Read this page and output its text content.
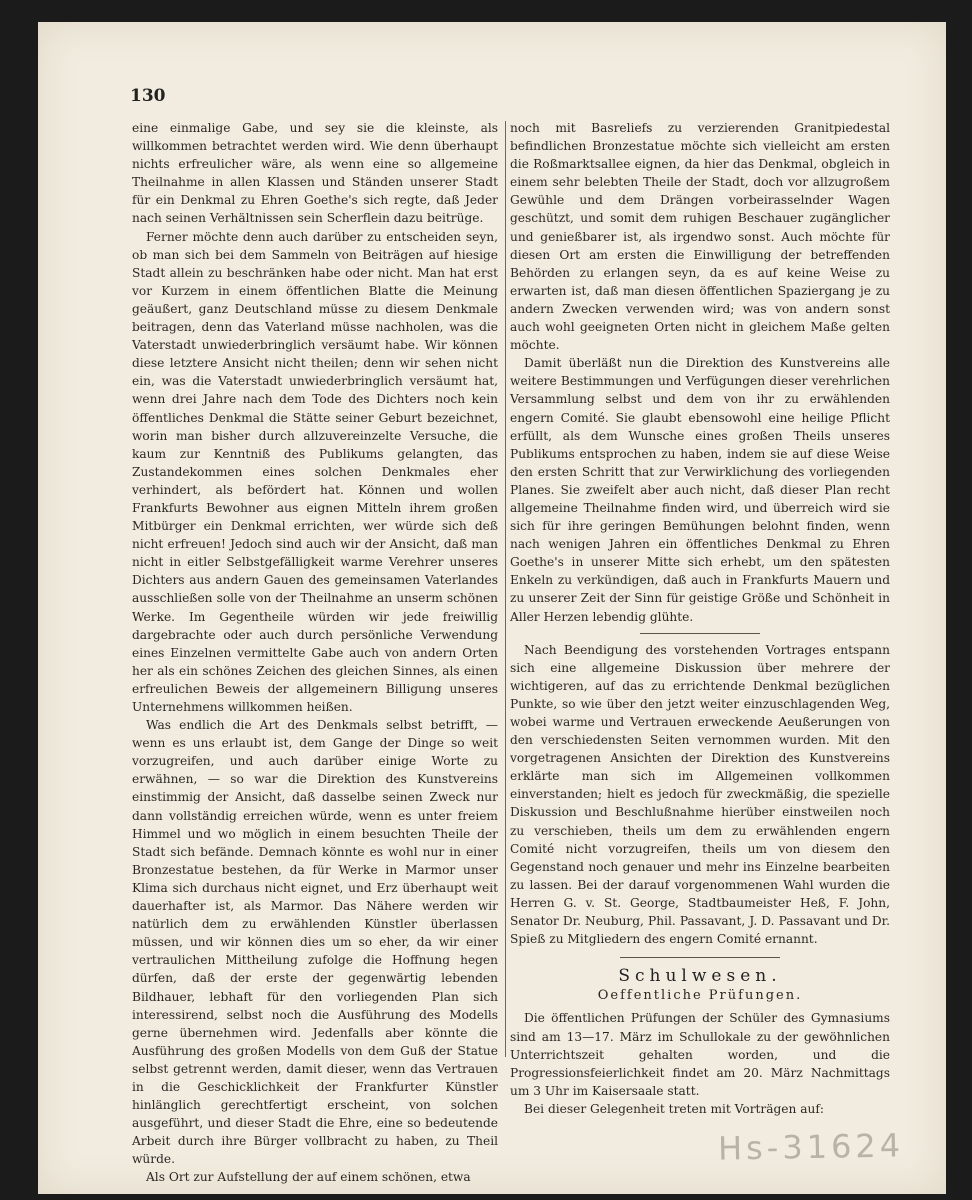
130

eine einmalige Gabe, und sey sie die kleinste, als willkommen betrachtet werden wird. Wie denn überhaupt nichts erfreulicher wäre, als wenn eine so allgemeine Theilnahme in allen Klassen und Ständen unserer Stadt für ein Denkmal zu Ehren Goethe's sich regte, daß Jeder nach seinen Verhältnissen sein Scherflein dazu beitrüge.

Ferner möchte denn auch darüber zu entscheiden seyn, ob man sich bei dem Sammeln von Beiträgen auf hiesige Stadt allein zu beschränken habe oder nicht. Man hat erst vor Kurzem in einem öffentlichen Blatte die Meinung geäußert, ganz Deutschland müsse zu diesem Denkmale beitragen, denn das Vaterland müsse nachholen, was die Vaterstadt unwiederbringlich versäumt habe. Wir können diese letztere Ansicht nicht theilen; denn wir sehen nicht ein, was die Vaterstadt unwiederbringlich versäumt hat, wenn drei Jahre nach dem Tode des Dichters noch kein öffentliches Denkmal die Stätte seiner Geburt bezeichnet, worin man bisher durch allzuvereinzelte Versuche, die kaum zur Kenntniß des Publikums gelangten, das Zustandekommen eines solchen Denkmales eher verhindert, als befördert hat. Können und wollen Frankfurts Bewohner aus eignen Mitteln ihrem großen Mitbürger ein Denkmal errichten, wer würde sich deß nicht erfreuen! Jedoch sind auch wir der Ansicht, daß man nicht in eitler Selbstgefälligkeit warme Verehrer unseres Dichters aus andern Gauen des gemeinsamen Vaterlandes ausschließen solle von der Theilnahme an unserm schönen Werke. Im Gegentheile würden wir jede freiwillig dargebrachte oder auch durch persönliche Verwendung eines Einzelnen vermittelte Gabe auch von andern Orten her als ein schönes Zeichen des gleichen Sinnes, als einen erfreulichen Beweis der allgemeinern Billigung unseres Unternehmens willkommen heißen.

Was endlich die Art des Denkmals selbst betrifft, — wenn es uns erlaubt ist, dem Gange der Dinge so weit vorzugreifen, und auch darüber einige Worte zu erwähnen, — so war die Direktion des Kunstvereins einstimmig der Ansicht, daß dasselbe seinen Zweck nur dann vollständig erreichen würde, wenn es unter freiem Himmel und wo möglich in einem besuchten Theile der Stadt sich befände. Demnach könnte es wohl nur in einer Bronzestatue bestehen, da für Werke in Marmor unser Klima sich durchaus nicht eignet, und Erz überhaupt weit dauerhafter ist, als Marmor. Das Nähere werden wir natürlich dem zu erwählenden Künstler überlassen müssen, und wir können dies um so eher, da wir einer vertraulichen Mittheilung zufolge die Hoffnung hegen dürfen, daß der erste der gegenwärtig lebenden Bildhauer, lebhaft für den vorliegenden Plan sich interessirend, selbst noch die Ausführung des Modells gerne übernehmen wird. Jedenfalls aber könnte die Ausführung des großen Modells von dem Guß der Statue selbst getrennt werden, damit dieser, wenn das Vertrauen in die Geschicklichkeit der Frankfurter Künstler hinlänglich gerechtfertigt erscheint, von solchen ausgeführt, und dieser Stadt die Ehre, eine so bedeutende Arbeit durch ihre Bürger vollbracht zu haben, zu Theil würde.

Als Ort zur Aufstellung der auf einem schönen, etwa

noch mit Basreliefs zu verzierenden Granitpiedestal befindlichen Bronzestatue möchte sich vielleicht am ersten die Roßmarktsallee eignen, da hier das Denkmal, obgleich in einem sehr belebten Theile der Stadt, doch vor allzugroßem Gewühle und dem Drängen vorbeirasselnder Wagen geschützt, und somit dem ruhigen Beschauer zugänglicher und genießbarer ist, als irgendwo sonst. Auch möchte für diesen Ort am ersten die Einwilligung der betreffenden Behörden zu erlangen seyn, da es auf keine Weise zu erwarten ist, daß man diesen öffentlichen Spaziergang je zu andern Zwecken verwenden wird; was von andern sonst auch wohl geeigneten Orten nicht in gleichem Maße gelten möchte.

Damit überläßt nun die Direktion des Kunstvereins alle weitere Bestimmungen und Verfügungen dieser verehrlichen Versammlung selbst und dem von ihr zu erwählenden engern Comité. Sie glaubt ebensowohl eine heilige Pflicht erfüllt, als dem Wunsche eines großen Theils unseres Publikums entsprochen zu haben, indem sie auf diese Weise den ersten Schritt that zur Verwirklichung des vorliegenden Planes. Sie zweifelt aber auch nicht, daß dieser Plan recht allgemeine Theilnahme finden wird, und überreich wird sie sich für ihre geringen Bemühungen belohnt finden, wenn nach wenigen Jahren ein öffentliches Denkmal zu Ehren Goethe's in unserer Mitte sich erhebt, um den spätesten Enkeln zu verkündigen, daß auch in Frankfurts Mauern und zu unserer Zeit der Sinn für geistige Größe und Schönheit in Aller Herzen lebendig glühte.

Nach Beendigung des vorstehenden Vortrages entspann sich eine allgemeine Diskussion über mehrere der wichtigeren, auf das zu errichtende Denkmal bezüglichen Punkte, so wie über den jetzt weiter einzuschlagenden Weg, wobei warme und Vertrauen erweckende Aeußerungen von den verschiedensten Seiten vernommen wurden. Mit den vorgetragenen Ansichten der Direktion des Kunstvereins erklärte man sich im Allgemeinen vollkommen einverstanden; hielt es jedoch für zweckmäßig, die spezielle Diskussion und Beschlußnahme hierüber einstweilen noch zu verschieben, theils um dem zu erwählenden engern Comité nicht vorzugreifen, theils um von diesem den Gegenstand noch genauer und mehr ins Einzelne bearbeiten zu lassen. Bei der darauf vorgenommenen Wahl wurden die Herren G. v. St. George, Stadtbaumeister Heß, F. John, Senator Dr. Neuburg, Phil. Passavant, J. D. Passavant und Dr. Spieß zu Mitgliedern des engern Comité ernannt.

Schulwesen.
Oeffentliche Prüfungen.

Die öffentlichen Prüfungen der Schüler des Gymnasiums sind am 13—17. März im Schullokale zu der gewöhnlichen Unterrichtszeit gehalten worden, und die Progressionsfeierlichkeit findet am 20. März Nachmittags um 3 Uhr im Kaisersaale statt.

Bei dieser Gelegenheit treten mit Vorträgen auf:

Hs-31624
